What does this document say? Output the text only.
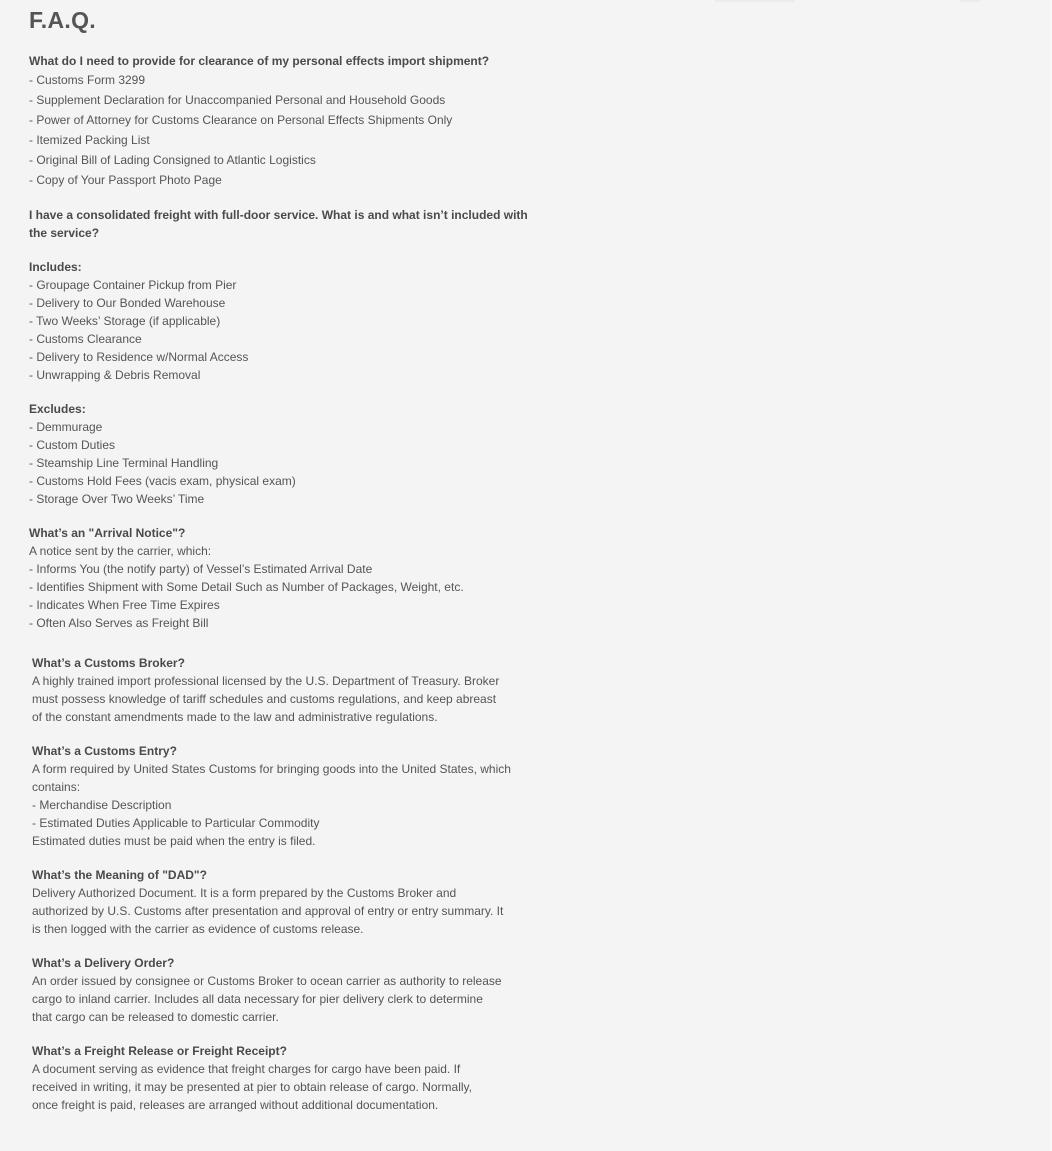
F.A.Q.

What do I need to provide for clearance of my personal effects import shipment?

- Customs Form 3299

- Supplement Declaration for Unaccompanied Personal and Household Goods

- Power of Attorney for Customs Clearance on Personal Effects Shipments Only

- Itemized Packing List

- Original Bill of Lading Consigned to Atlantic Logistics

- Copy of Your Passport Photo Page

I have a consolidated freight with full-door service. What is and what isn’t included with

the service?

Includes:

- Groupage Container Pickup from Pier

- Delivery to Our Bonded Warehouse

- Two Weeks’ Storage (if applicable)

- Customs Clearance

- Delivery to Residence w/Normal Access

- Unwrapping & Debris Removal

Excludes:

- Demmurage

- Custom Duties

- Steamship Line Terminal Handling

- Customs Hold Fees (vacis exam, physical exam)

- Storage Over Two Weeks’ Time

What’s an "Arrival Notice"?

A notice sent by the carrier, which:

- Informs You (the notify party) of Vessel’s Estimated Arrival Date

- Identifies Shipment with Some Detail Such as Number of Packages, Weight, etc.

- Indicates When Free Time Expires

- Often Also Serves as Freight Bill

What’s a Customs Broker?

A highly trained import professional licensed by the U.S. Department of Treasury. Broker

must possess knowledge of tariff schedules and customs regulations, and keep abreast

of the constant amendments made to the law and administrative regulations.

What’s a Customs Entry?

A form required by United States Customs for bringing goods into the United States, which

contains:

- Merchandise Description

- Estimated Duties Applicable to Particular Commodity

Estimated duties must be paid when the entry is filed.

What’s the Meaning of "DAD"?

Delivery Authorized Document. It is a form prepared by the Customs Broker and

authorized by U.S. Customs after presentation and approval of entry or entry summary. It

is then logged with the carrier as evidence of customs release.

What’s a Delivery Order?

An order issued by consignee or Customs Broker to ocean carrier as authority to release

cargo to inland carrier. Includes all data necessary for pier delivery clerk to determine

that cargo can be released to domestic carrier.

What’s a Freight Release or Freight Receipt?

A document serving as evidence that freight charges for cargo have been paid. If

received in writing, it may be presented at pier to obtain release of cargo. Normally,

once freight is paid, releases are arranged without additional documentation.
